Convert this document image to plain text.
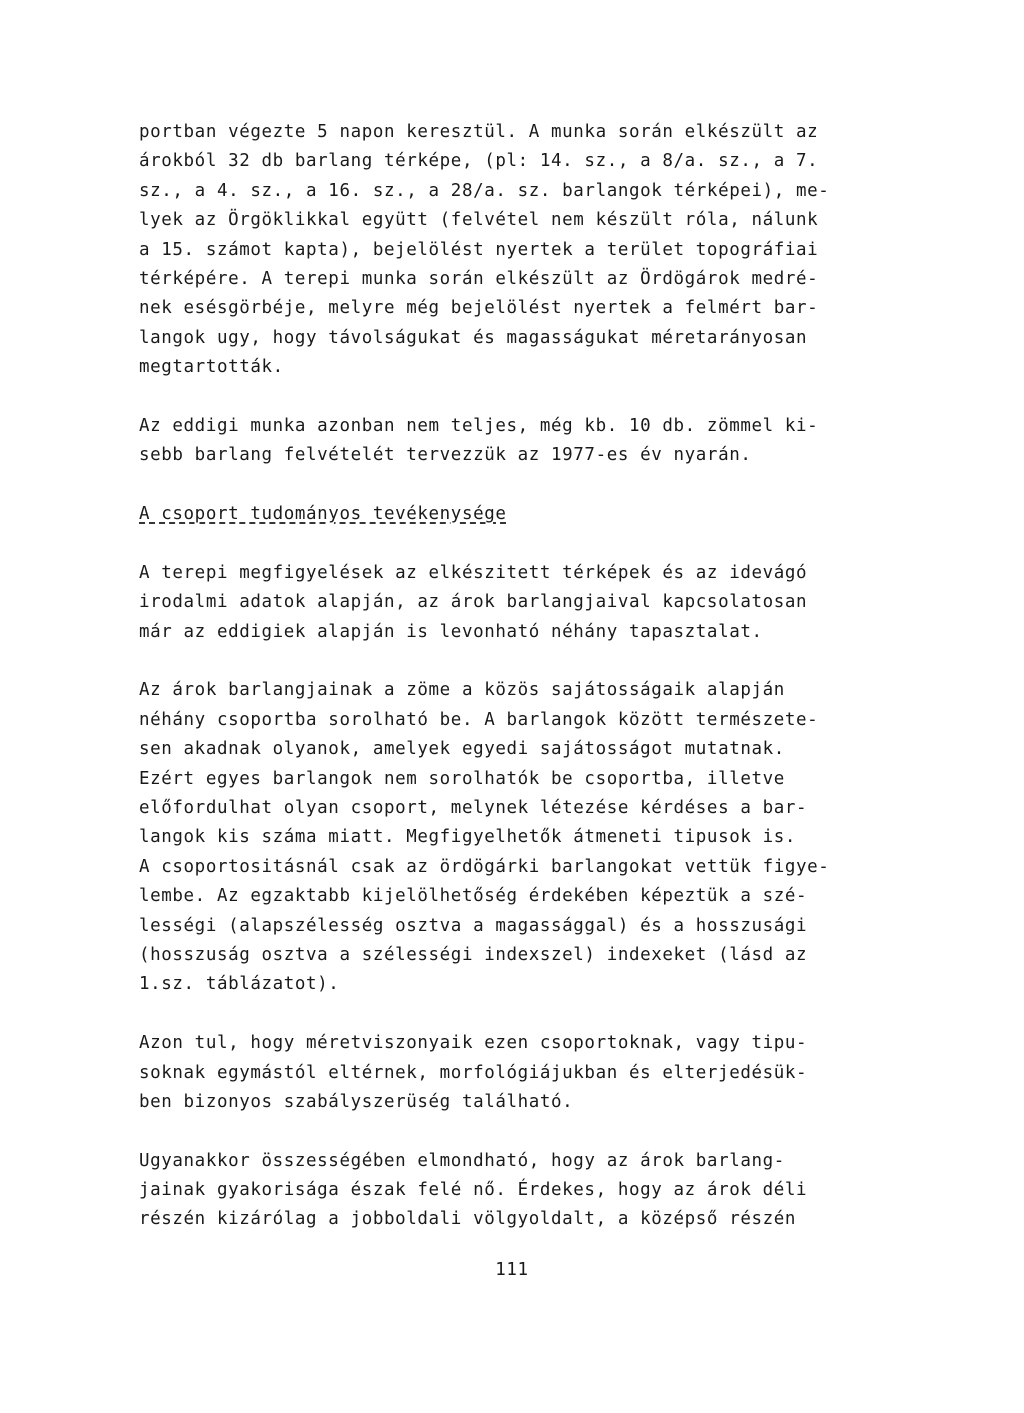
portban végezte 5 napon keresztül. A munka során elkészült az
árokból 32 db barlang térképe, (pl: 14. sz., a 8/a. sz., a 7.
sz., a 4. sz., a 16. sz., a 28/a. sz. barlangok térképei), me-
lyek az Örgöklikkal együtt (felvétel nem készült róla, nálunk
a 15. számot kapta), bejelölést nyertek a terület topográfiai
térképére. A terepi munka során elkészült az Ördögárok medré-
nek esésgörbéje, melyre még bejelölést nyertek a felmért bar-
langok ugy, hogy távolságukat és magasságukat méretarányosan
megtartották.
Az eddigi munka azonban nem teljes, még kb. 10 db. zömmel ki-
sebb barlang felvételét tervezzük az 1977-es év nyarán.
A csoport tudományos tevékenysége
A terepi megfigyelések az elkészitett térképek és az idevágó
irodalmi adatok alapján, az árok barlangjaival kapcsolatosan
már az eddigiek alapján is levonható néhány tapasztalat.
Az árok barlangjainak a zöme a közös sajátosságaik alapján
néhány csoportba sorolható be. A barlangok között természete-
sen akadnak olyanok, amelyek egyedi sajátosságot mutatnak.
Ezért egyes barlangok nem sorolhatók be csoportba, illetve
előfordulhat olyan csoport, melynek létezése kérdéses a bar-
langok kis száma miatt. Megfigyelhetők átmeneti tipusok is.
A csoportositásnál csak az ördögárki barlangokat vettük figye-
lembe. Az egzaktabb kijelölhetőség érdekében képeztük a szé-
lességi (alapszélesség osztva a magassággal) és a hosszusági
(hosszuság osztva a szélességi indexszel) indexeket (lásd az
1.sz. táblázatot).
Azon tul, hogy méretviszonyaik ezen csoportoknak, vagy tipu-
soknak egymástól eltérnek, morfológiájukban és elterjedésük-
ben bizonyos szabályszerüség található.
Ugyanakkor összességében elmondható, hogy az árok barlang-
jainak gyakorisága észak felé nő. Érdekes, hogy az árok déli
részén kizárólag a jobboldali völgyoldalt, a középső részén
111
